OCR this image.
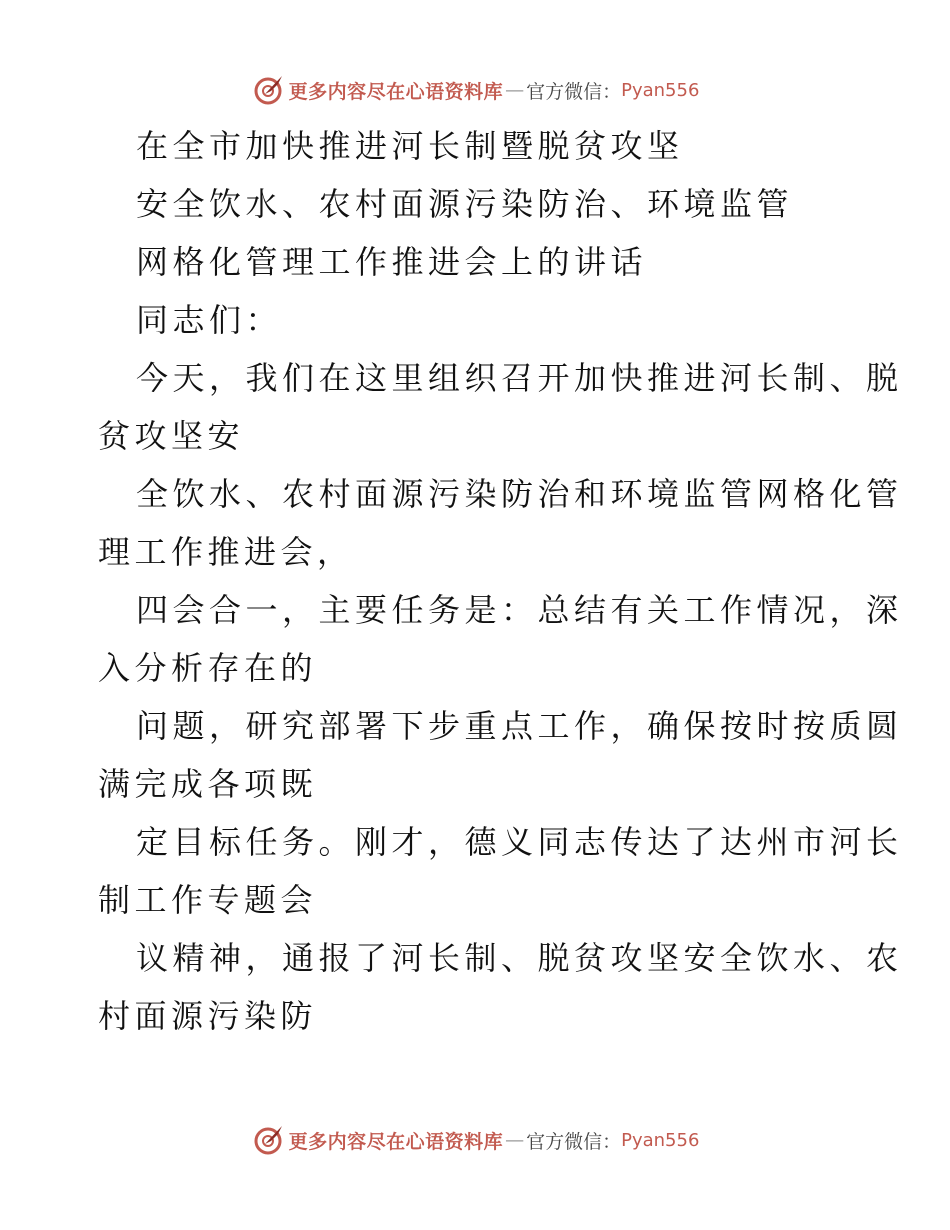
更多内容尽在心语资料库 — 官方微信： Pyan556
在全市加快推进河长制暨脱贫攻坚
安全饮水、农村面源污染防治、环境监管
网格化管理工作推进会上的讲话
同志们：
今天，我们在这里组织召开加快推进河长制、脱
贫攻坚安
全饮水、农村面源污染防治和环境监管网格化管
理工作推进会，
四会合一，主要任务是：总结有关工作情况，深
入分析存在的
问题，研究部署下步重点工作，确保按时按质圆
满完成各项既
定目标任务。刚才，德义同志传达了达州市河长
制工作专题会
议精神，通报了河长制、脱贫攻坚安全饮水、农
村面源污染防
更多内容尽在心语资料库 — 官方微信： Pyan556
